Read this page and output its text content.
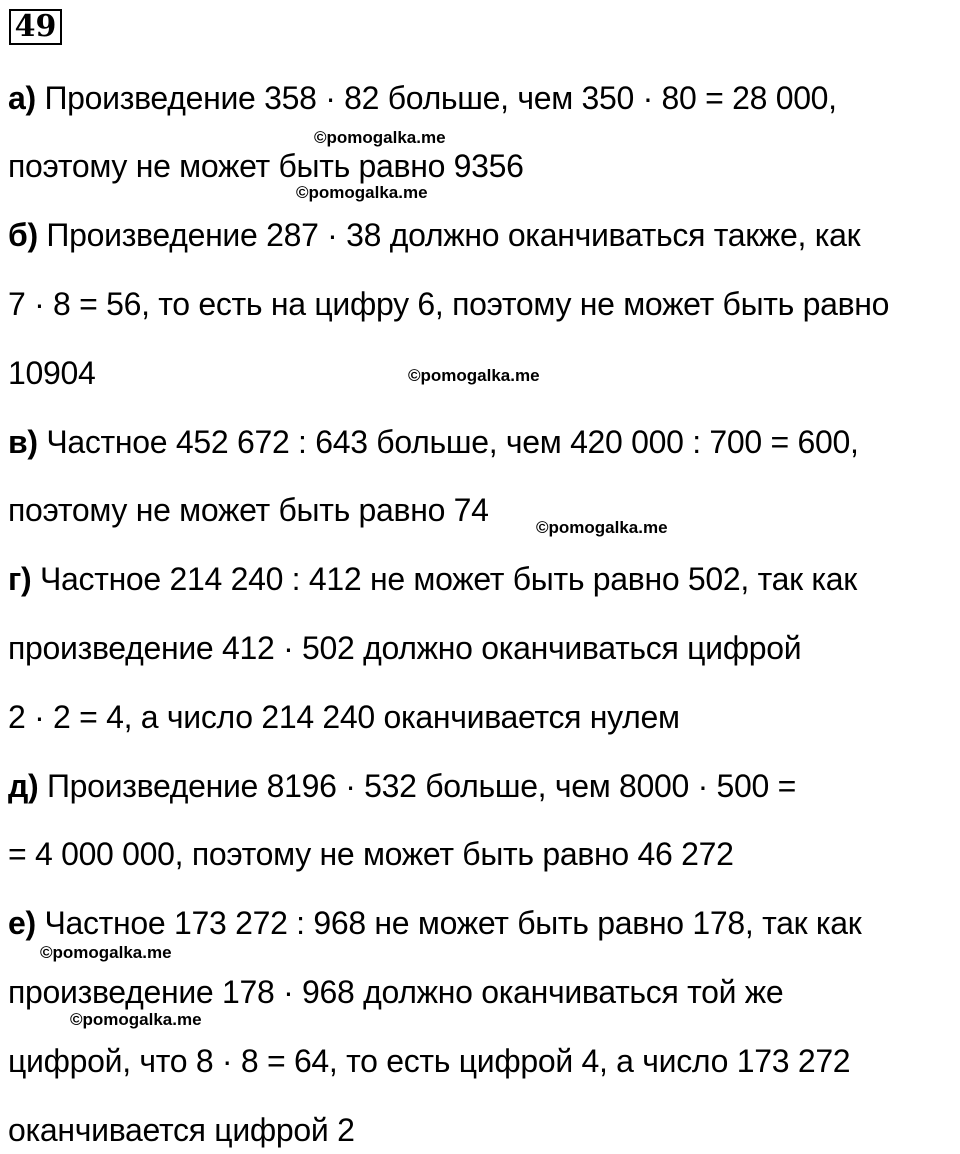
49
а) Произведение 358 · 82 больше, чем 350 · 80 = 28 000,
поэтому не может быть равно 9356
б) Произведение 287 · 38 должно оканчиваться также, как
7 · 8 = 56, то есть на цифру 6, поэтому не может быть равно
10904
в) Частное 452 672 : 643 больше, чем 420 000 : 700 = 600,
поэтому не может быть равно 74
г) Частное 214 240 : 412 не может быть равно 502, так как
произведение 412 · 502 должно оканчиваться цифрой
2 · 2 = 4, а число 214 240 оканчивается нулем
д) Произведение 8196 · 532 больше, чем 8000 · 500 =
= 4 000 000, поэтому не может быть равно 46 272
е) Частное 173 272 : 968 не может быть равно 178, так как
произведение 178 · 968 должно оканчиваться той же
цифрой, что 8 · 8 = 64, то есть цифрой 4, а число 173 272
оканчивается цифрой 2
©pomogalka.me
©pomogalka.me
©pomogalka.me
©pomogalka.me
©pomogalka.me
©pomogalka.me
